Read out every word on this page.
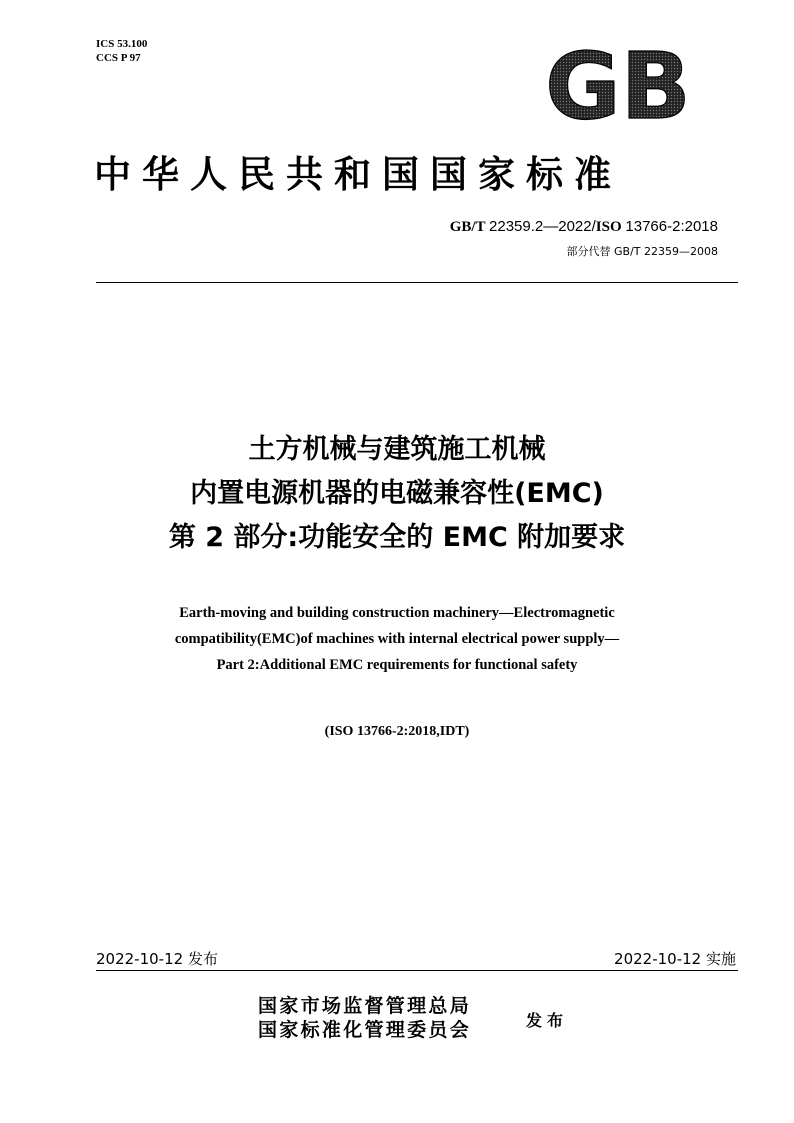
ICS 53.100
CCS P 97	GB
中华人民共和国国家标准
GB/T 22359.2—2022/ISO 13766-2:2018
部分代替 GB/T 22359—2008
土方机械与建筑施工机械
内置电源机器的电磁兼容性(EMC)
第 2 部分:功能安全的 EMC 附加要求
Earth-moving and building construction machinery—Electromagnetic
compatibility(EMC)of machines with internal electrical power supply—
Part 2:Additional EMC requirements for functional safety
(ISO 13766-2:2018,IDT)
2022-10-12 发布	2022-10-12 实施
国家市场监督管理总局
国家标准化管理委员会	发布
